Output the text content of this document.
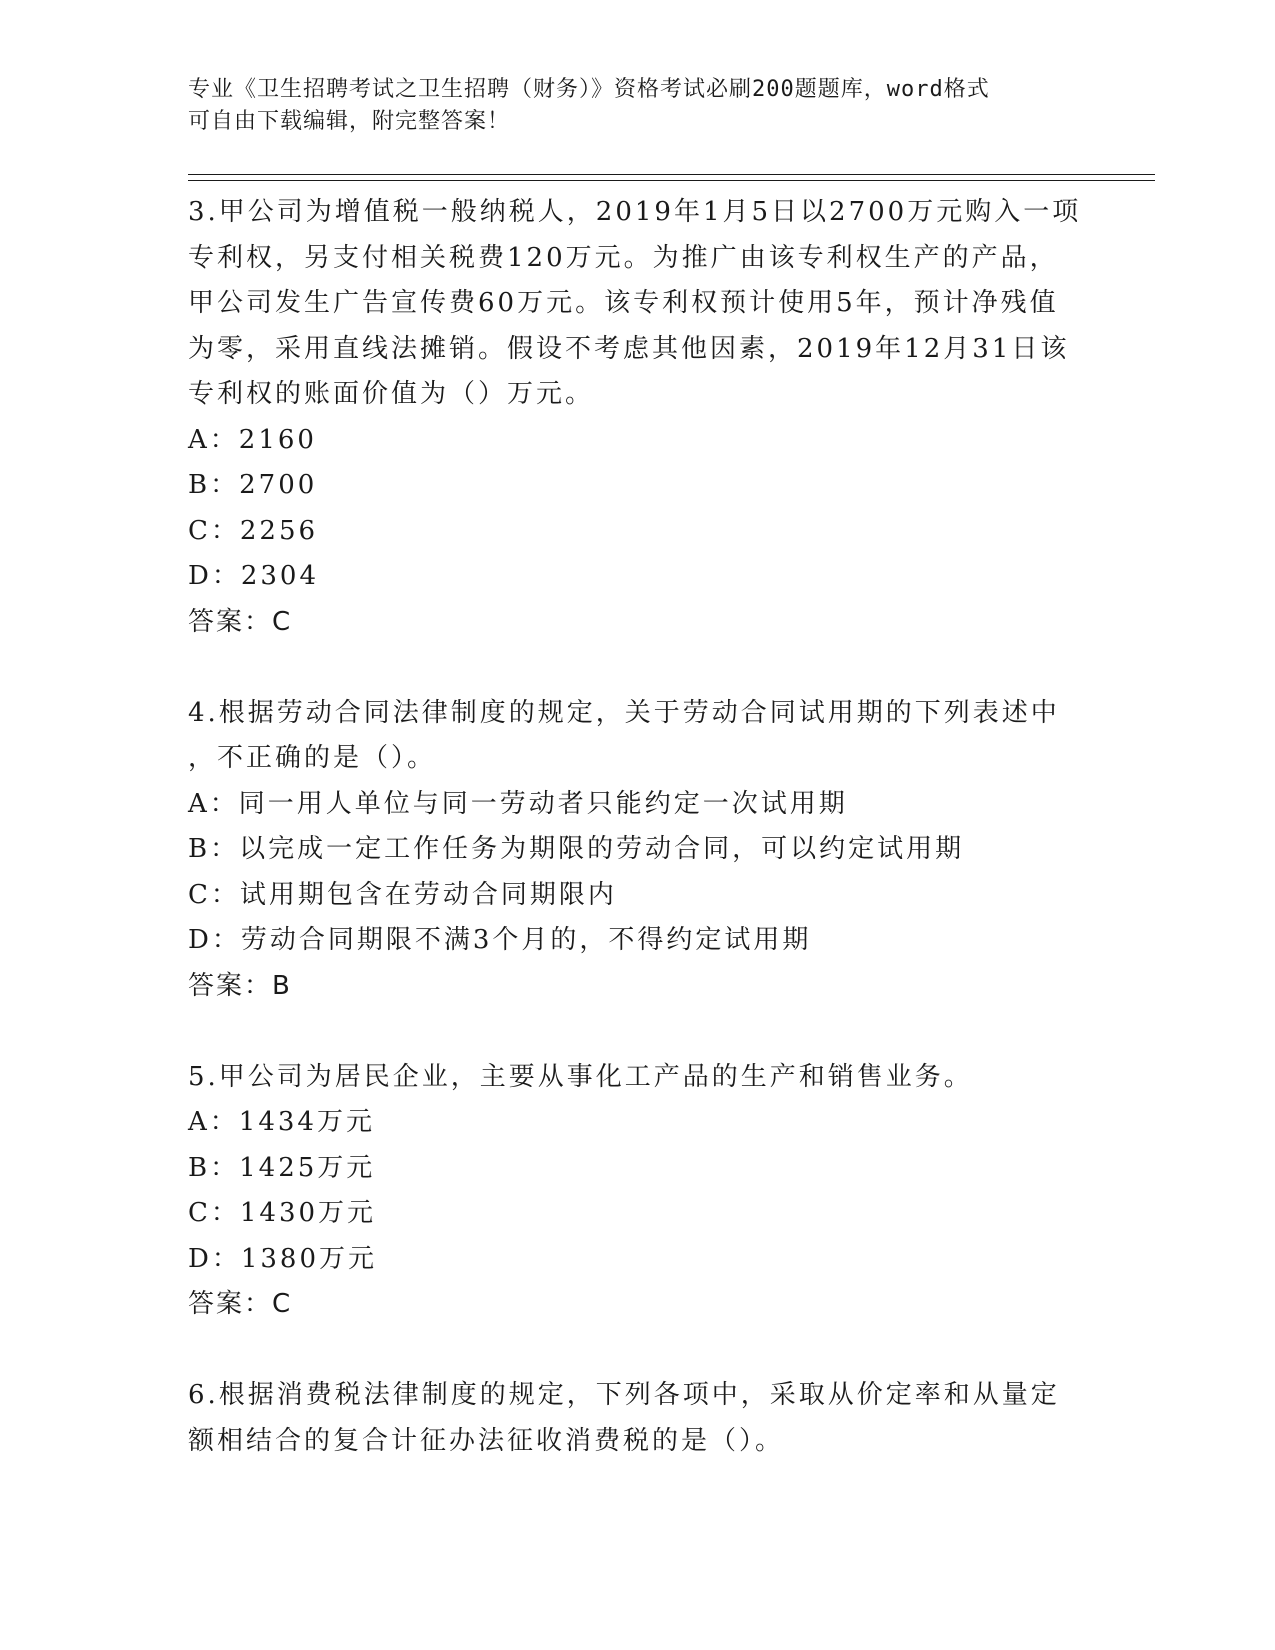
专业《卫生招聘考试之卫生招聘（财务）》资格考试必刷200题题库，word格式
可自由下载编辑，附完整答案！
3.甲公司为增值税一般纳税人，2019年1月5日以2700万元购入一项
专利权，另支付相关税费120万元。为推广由该专利权生产的产品，
甲公司发生广告宣传费60万元。该专利权预计使用5年，预计净残值
为零，采用直线法摊销。假设不考虑其他因素，2019年12月31日该
专利权的账面价值为（）万元。
A：2160
B：2700
C：2256
D：2304
答案：C
4.根据劳动合同法律制度的规定，关于劳动合同试用期的下列表述中
，不正确的是（）。
A：同一用人单位与同一劳动者只能约定一次试用期
B：以完成一定工作任务为期限的劳动合同，可以约定试用期
C：试用期包含在劳动合同期限内
D：劳动合同期限不满3个月的，不得约定试用期
答案：B
5.甲公司为居民企业，主要从事化工产品的生产和销售业务。
A：1434万元
B：1425万元
C：1430万元
D：1380万元
答案：C
6.根据消费税法律制度的规定，下列各项中，采取从价定率和从量定
额相结合的复合计征办法征收消费税的是（）。
